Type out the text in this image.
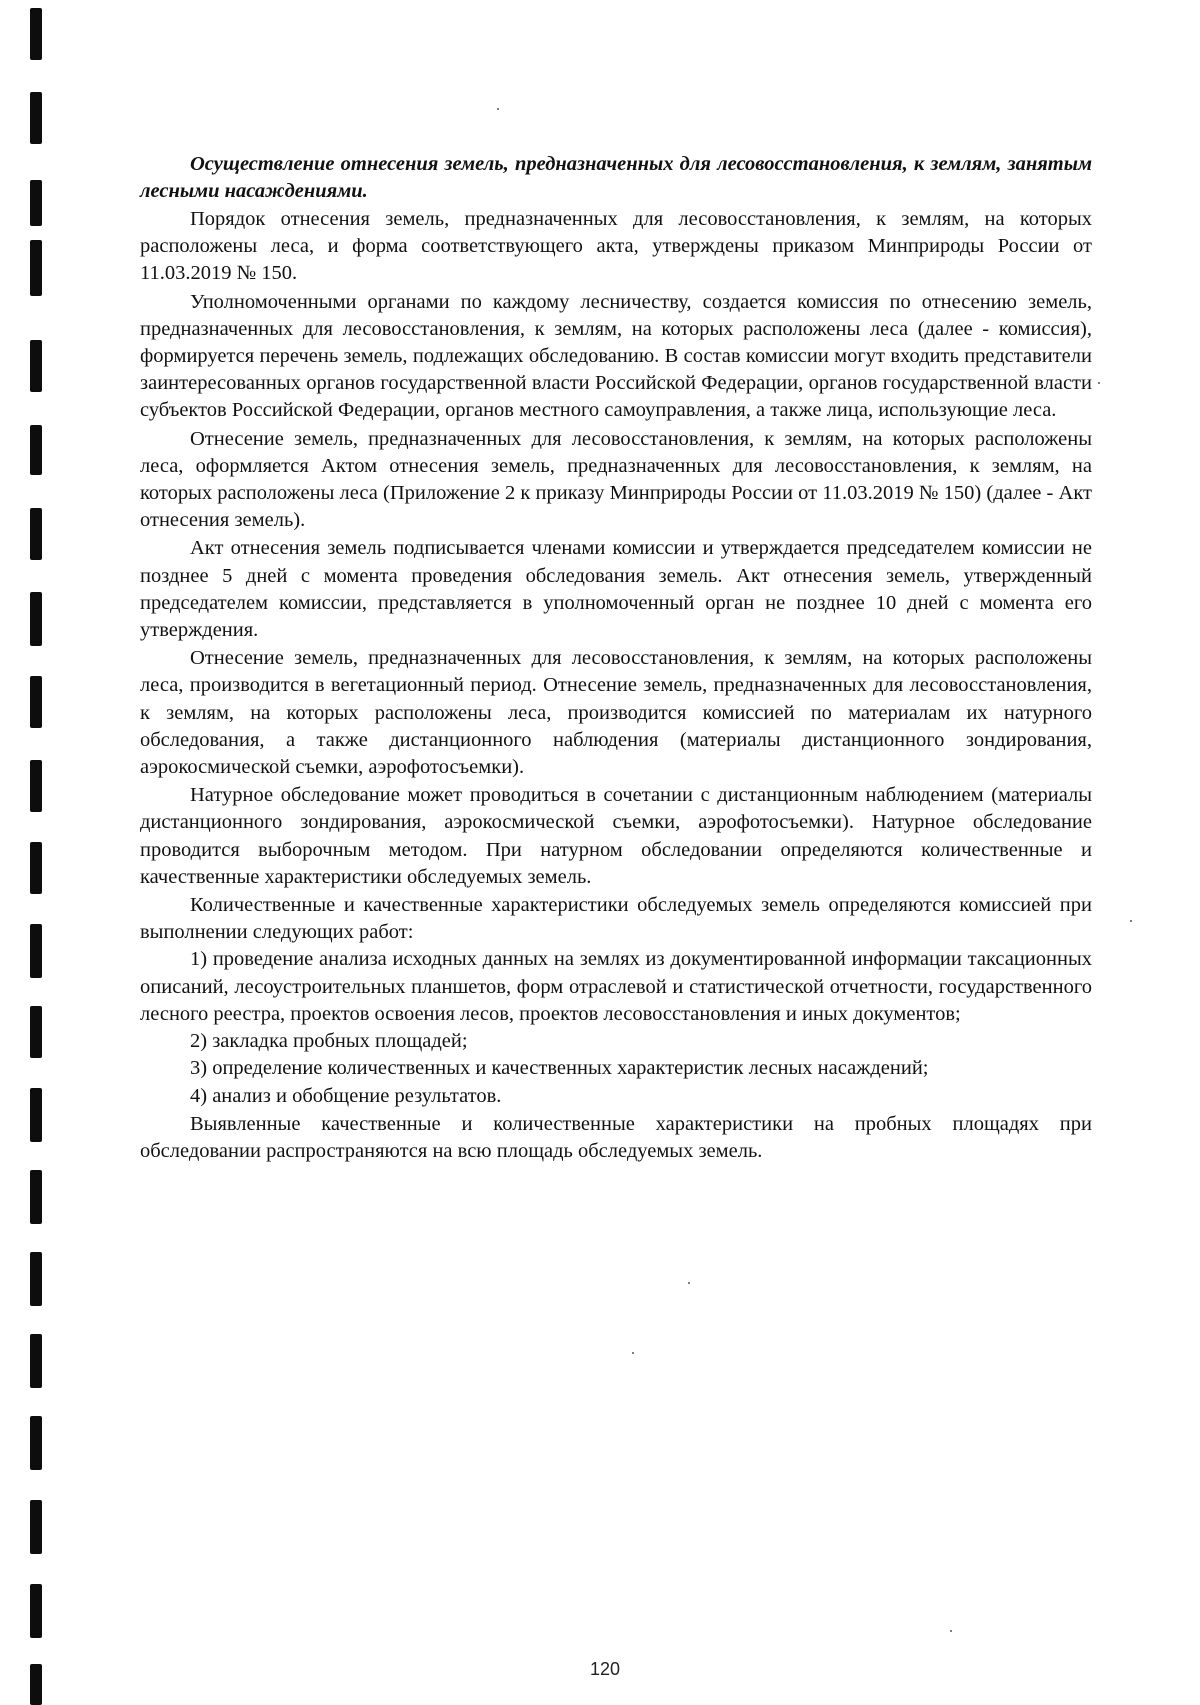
Осуществление отнесения земель, предназначенных для лесовосстановления, к землям, занятым лесными насаждениями.

Порядок отнесения земель, предназначенных для лесовосстановления, к землям, на которых расположены леса, и форма соответствующего акта, утверждены приказом Минприроды России от 11.03.2019 № 150.

Уполномоченными органами по каждому лесничеству, создается комиссия по отнесению земель, предназначенных для лесовосстановления, к землям, на которых расположены леса (далее - комиссия), формируется перечень земель, подлежащих обследованию. В состав комиссии могут входить представители заинтересованных органов государственной власти Российской Федерации, органов государственной власти субъектов Российской Федерации, органов местного самоуправления, а также лица, использующие леса.

Отнесение земель, предназначенных для лесовосстановления, к землям, на которых расположены леса, оформляется Актом отнесения земель, предназначенных для лесовосстановления, к землям, на которых расположены леса (Приложение 2 к приказу Минприроды России от 11.03.2019 № 150) (далее - Акт отнесения земель).

Акт отнесения земель подписывается членами комиссии и утверждается председателем комиссии не позднее 5 дней с момента проведения обследования земель. Акт отнесения земель, утвержденный председателем комиссии, представляется в уполномоченный орган не позднее 10 дней с момента его утверждения.

Отнесение земель, предназначенных для лесовосстановления, к землям, на которых расположены леса, производится в вегетационный период. Отнесение земель, предназначенных для лесовосстановления, к землям, на которых расположены леса, производится комиссией по материалам их натурного обследования, а также дистанционного наблюдения (материалы дистанционного зондирования, аэрокосмической съемки, аэрофотосъемки).

Натурное обследование может проводиться в сочетании с дистанционным наблюдением (материалы дистанционного зондирования, аэрокосмической съемки, аэрофотосъемки). Натурное обследование проводится выборочным методом. При натурном обследовании определяются количественные и качественные характеристики обследуемых земель.

Количественные и качественные характеристики обследуемых земель определяются комиссией при выполнении следующих работ:

1) проведение анализа исходных данных на землях из документированной информации таксационных описаний, лесоустроительных планшетов, форм отраслевой и статистической отчетности, государственного лесного реестра, проектов освоения лесов, проектов лесовосстановления и иных документов;

2) закладка пробных площадей;

3) определение количественных и качественных характеристик лесных насаждений;

4) анализ и обобщение результатов.

Выявленные качественные и количественные характеристики на пробных площадях при обследовании распространяются на всю площадь обследуемых земель.

120
